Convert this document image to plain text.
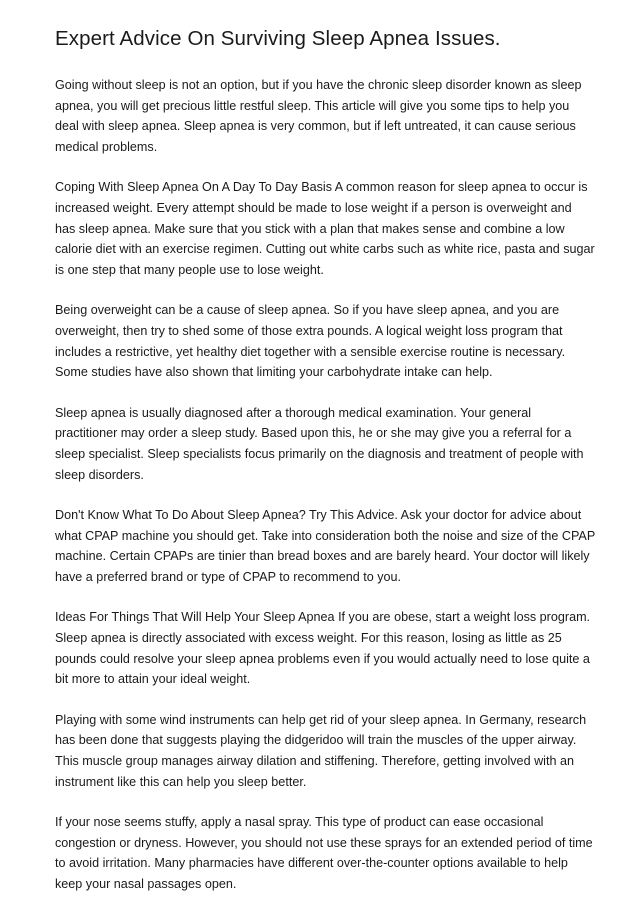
Expert Advice On Surviving Sleep Apnea Issues.

Going without sleep is not an option, but if you have the chronic sleep disorder known as sleep apnea, you will get precious little restful sleep. This article will give you some tips to help you deal with sleep apnea. Sleep apnea is very common, but if left untreated, it can cause serious medical problems.

Coping With Sleep Apnea On A Day To Day Basis A common reason for sleep apnea to occur is increased weight. Every attempt should be made to lose weight if a person is overweight and has sleep apnea. Make sure that you stick with a plan that makes sense and combine a low calorie diet with an exercise regimen. Cutting out white carbs such as white rice, pasta and sugar is one step that many people use to lose weight.

Being overweight can be a cause of sleep apnea. So if you have sleep apnea, and you are overweight, then try to shed some of those extra pounds. A logical weight loss program that includes a restrictive, yet healthy diet together with a sensible exercise routine is necessary. Some studies have also shown that limiting your carbohydrate intake can help.

Sleep apnea is usually diagnosed after a thorough medical examination. Your general practitioner may order a sleep study. Based upon this, he or she may give you a referral for a sleep specialist. Sleep specialists focus primarily on the diagnosis and treatment of people with sleep disorders.

Don't Know What To Do About Sleep Apnea? Try This Advice. Ask your doctor for advice about what CPAP machine you should get. Take into consideration both the noise and size of the CPAP machine. Certain CPAPs are tinier than bread boxes and are barely heard. Your doctor will likely have a preferred brand or type of CPAP to recommend to you.

Ideas For Things That Will Help Your Sleep Apnea If you are obese, start a weight loss program. Sleep apnea is directly associated with excess weight. For this reason, losing as little as 25 pounds could resolve your sleep apnea problems even if you would actually need to lose quite a bit more to attain your ideal weight.

Playing with some wind instruments can help get rid of your sleep apnea. In Germany, research has been done that suggests playing the didgeridoo will train the muscles of the upper airway. This muscle group manages airway dilation and stiffening. Therefore, getting involved with an instrument like this can help you sleep better.

If your nose seems stuffy, apply a nasal spray. This type of product can ease occasional congestion or dryness. However, you should not use these sprays for an extended period of time to avoid irritation. Many pharmacies have different over-the-counter options available to help keep your nasal passages open.
